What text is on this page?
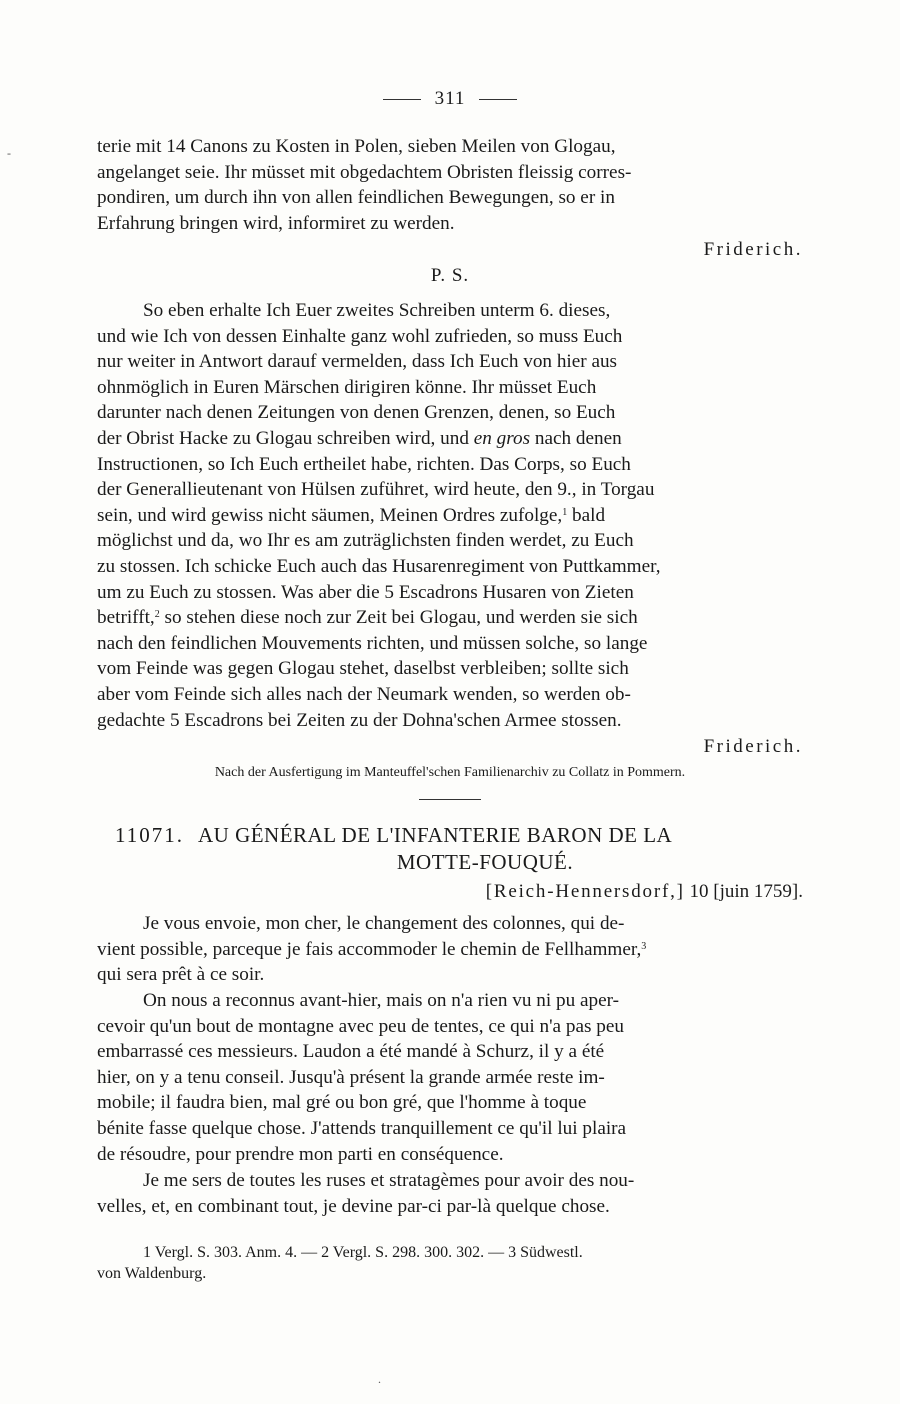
-
.
311

terie mit 14 Canons zu Kosten in Polen, sieben Meilen von Glogau,

angelanget seie. Ihr müsset mit obgedachtem Obristen fleissig corres-

pondiren, um durch ihn von allen feindlichen Bewegungen, so er in

Erfahrung bringen wird, informiret zu werden.

Friderich.
P. S.

So eben erhalte Ich Euer zweites Schreiben unterm 6. dieses,

und wie Ich von dessen Einhalte ganz wohl zufrieden, so muss Euch

nur weiter in Antwort darauf vermelden, dass Ich Euch von hier aus

ohnmöglich in Euren Märschen dirigiren könne. Ihr müsset Euch

darunter nach denen Zeitungen von denen Grenzen, denen, so Euch

der Obrist Hacke zu Glogau schreiben wird, und en gros nach denen

Instructionen, so Ich Euch ertheilet habe, richten. Das Corps, so Euch

der Generallieutenant von Hülsen zuführet, wird heute, den 9., in Torgau

sein, und wird gewiss nicht säumen, Meinen Ordres zufolge,$^1$ bald

möglichst und da, wo Ihr es am zuträglichsten finden werdet, zu Euch

zu stossen. Ich schicke Euch auch das Husarenregiment von Puttkammer,

um zu Euch zu stossen. Was aber die 5 Escadrons Husaren von Zieten

betrifft,$^2$ so stehen diese noch zur Zeit bei Glogau, und werden sie sich

nach den feindlichen Mouvements richten, und müssen solche, so lange

vom Feinde was gegen Glogau stehet, daselbst verbleiben; sollte sich

aber vom Feinde sich alles nach der Neumark wenden, so werden ob-

gedachte 5 Escadrons bei Zeiten zu der Dohna'schen Armee stossen.

Friderich.
Nach der Ausfertigung im Manteuffel'schen Familienarchiv zu Collatz in Pommern.
11071. AU GÉNÉRAL DE L'INFANTERIE BARON DE LA
MOTTE-FOUQUÉ.
[Reich-Hennersdorf,] 10 [juin 1759].

Je vous envoie, mon cher, le changement des colonnes, qui de-

vient possible, parceque je fais accommoder le chemin de Fellhammer,$^3$

qui sera prêt à ce soir.

On nous a reconnus avant-hier, mais on n'a rien vu ni pu aper-

cevoir qu'un bout de montagne avec peu de tentes, ce qui n'a pas peu

embarrassé ces messieurs. Laudon a été mandé à Schurz, il y a été

hier, on y a tenu conseil. Jusqu'à présent la grande armée reste im-

mobile; il faudra bien, mal gré ou bon gré, que l'homme à toque

bénite fasse quelque chose. J'attends tranquillement ce qu'il lui plaira

de résoudre, pour prendre mon parti en conséquence.

Je me sers de toutes les ruses et stratagèmes pour avoir des nou-

velles, et, en combinant tout, je devine par-ci par-là quelque chose.

1 Vergl. S. 303. Anm. 4. — 2 Vergl. S. 298. 300. 302. — 3 Südwestl.
von Waldenburg.
